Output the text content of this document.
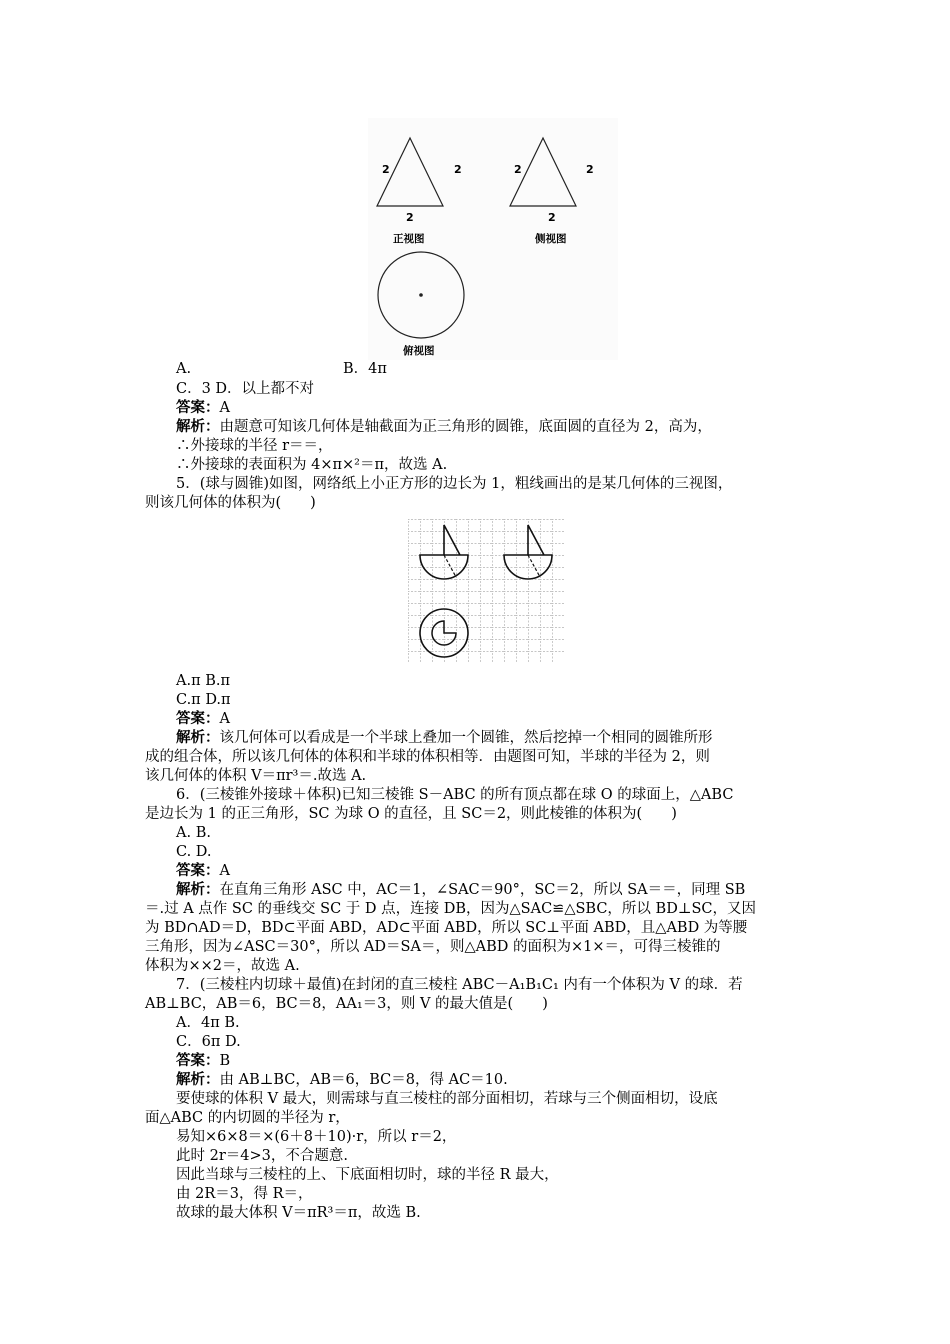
2	2
2
正视图
2	2
2
侧视图
俯视图
A.	B．4π
C．3 D．以上都不对
答案：A
解析：由题意可知该几何体是轴截面为正三角形的圆锥，底面圆的直径为 2，高为，
∴外接球的半径 r＝＝，
∴外接球的表面积为 4×π×²＝π，故选 A.
5．(球与圆锥)如图，网络纸上小正方形的边长为 1，粗线画出的是某几何体的三视图，
则该几何体的体积为(　　)
A.π B.π
C.π D.π
答案：A
解析：该几何体可以看成是一个半球上叠加一个圆锥，然后挖掉一个相同的圆锥所形
成的组合体，所以该几何体的体积和半球的体积相等．由题图可知，半球的半径为 2，则
该几何体的体积 V＝πr³＝.故选 A.
6．(三棱锥外接球＋体积)已知三棱锥 S－ABC 的所有顶点都在球 O 的球面上，△ABC
是边长为 1 的正三角形，SC 为球 O 的直径，且 SC＝2，则此棱锥的体积为(　　)
A. B.
C. D.
答案：A
解析：在直角三角形 ASC 中，AC＝1，∠SAC＝90°，SC＝2，所以 SA＝＝，同理 SB
＝.过 A 点作 SC 的垂线交 SC 于 D 点，连接 DB，因为△SAC≌△SBC，所以 BD⊥SC，又因
为 BD∩AD＝D，BD⊂平面 ABD，AD⊂平面 ABD，所以 SC⊥平面 ABD，且△ABD 为等腰
三角形，因为∠ASC＝30°，所以 AD＝SA＝，则△ABD 的面积为×1×＝，可得三棱锥的
体积为××2＝，故选 A.
7．(三棱柱内切球＋最值)在封闭的直三棱柱 ABC－A₁B₁C₁ 内有一个体积为 V 的球．若
AB⊥BC，AB＝6，BC＝8，AA₁＝3，则 V 的最大值是(　　)
A．4π B.
C．6π D.
答案：B
解析：由 AB⊥BC，AB＝6，BC＝8，得 AC＝10.
要使球的体积 V 最大，则需球与直三棱柱的部分面相切，若球与三个侧面相切，设底
面△ABC 的内切圆的半径为 r，
易知×6×8＝×(6＋8＋10)·r，所以 r＝2，
此时 2r＝4>3，不合题意.
因此当球与三棱柱的上、下底面相切时，球的半径 R 最大，
由 2R＝3，得 R＝，
故球的最大体积 V＝πR³＝π，故选 B.
